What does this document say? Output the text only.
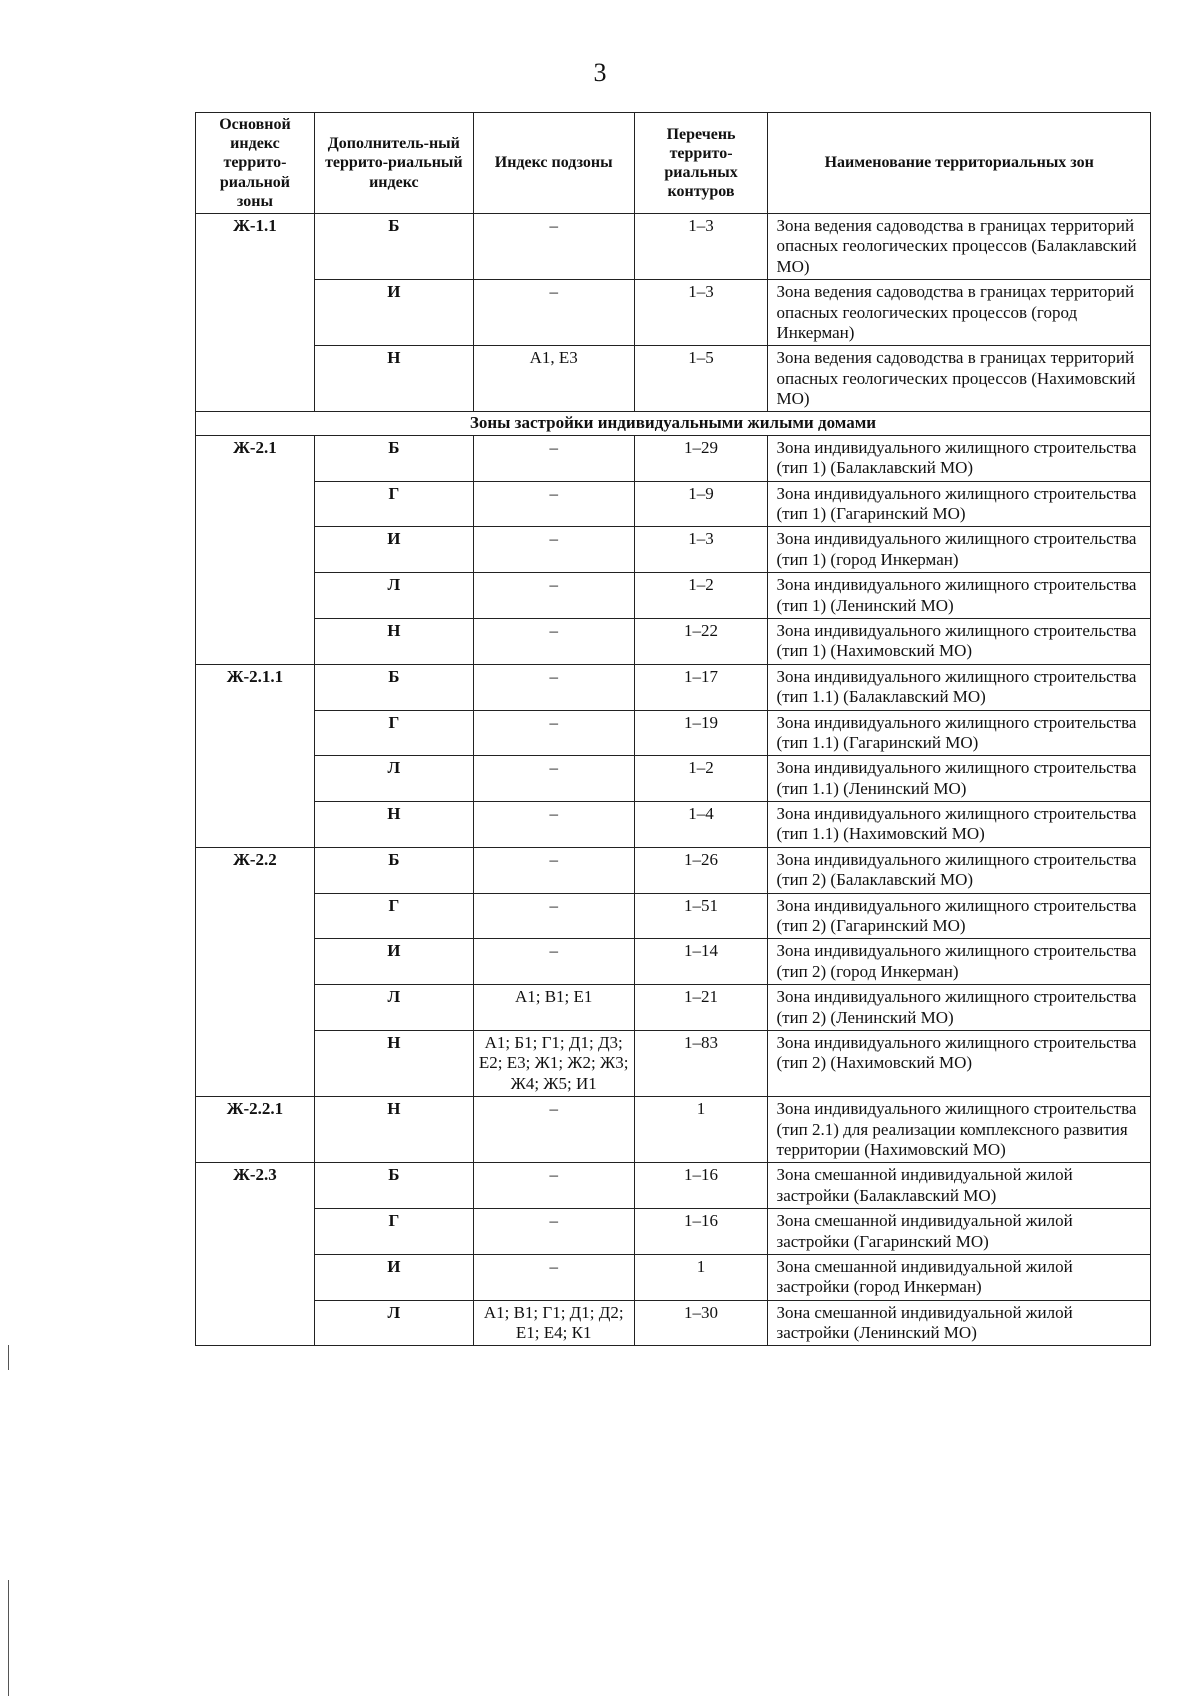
3
Основной индекс террито-риальной зоны	Дополнитель-ный террито-риальный индекс	Индекс подзоны	Перечень террито-риальных контуров	Наименование территориальных зон
Ж-1.1	Б	–	1–3	Зона ведения садоводства в границах территорий опасных геологических процессов (Балаклавский МО)
	И	–	1–3	Зона ведения садоводства в границах территорий опасных геологических процессов (город Инкерман)
	Н	А1, Е3	1–5	Зона ведения садоводства в границах территорий опасных геологических процессов (Нахимовский МО)
Зоны застройки индивидуальными жилыми домами				
Ж-2.1	Б	–	1–29	Зона индивидуального жилищного строительства (тип 1) (Балаклавский МО)
	Г	–	1–9	Зона индивидуального жилищного строительства (тип 1) (Гагаринский МО)
	И	–	1–3	Зона индивидуального жилищного строительства (тип 1) (город Инкерман)
	Л	–	1–2	Зона индивидуального жилищного строительства (тип 1) (Ленинский МО)
	Н	–	1–22	Зона индивидуального жилищного строительства (тип 1) (Нахимовский МО)
Ж-2.1.1	Б	–	1–17	Зона индивидуального жилищного строительства (тип 1.1) (Балаклавский МО)
	Г	–	1–19	Зона индивидуального жилищного строительства (тип 1.1) (Гагаринский МО)
	Л	–	1–2	Зона индивидуального жилищного строительства (тип 1.1) (Ленинский МО)
	Н	–	1–4	Зона индивидуального жилищного строительства (тип 1.1) (Нахимовский МО)
Ж-2.2	Б	–	1–26	Зона индивидуального жилищного строительства (тип 2) (Балаклавский МО)
	Г	–	1–51	Зона индивидуального жилищного строительства (тип 2) (Гагаринский МО)
	И	–	1–14	Зона индивидуального жилищного строительства (тип 2) (город Инкерман)
	Л	А1; В1; Е1	1–21	Зона индивидуального жилищного строительства (тип 2) (Ленинский МО)
	Н	А1; Б1; Г1; Д1; Д3; Е2; Е3; Ж1; Ж2; Ж3; Ж4; Ж5; И1	1–83	Зона индивидуального жилищного строительства (тип 2) (Нахимовский МО)
Ж-2.2.1	Н	–	1	Зона индивидуального жилищного строительства (тип 2.1) для реализации комплексного развития территории (Нахимовский МО)
Ж-2.3	Б	–	1–16	Зона смешанной индивидуальной жилой застройки (Балаклавский МО)
	Г	–	1–16	Зона смешанной индивидуальной жилой застройки (Гагаринский МО)
	И	–	1	Зона смешанной индивидуальной жилой застройки (город Инкерман)
	Л	А1; В1; Г1; Д1; Д2; Е1; Е4; К1	1–30	Зона смешанной индивидуальной жилой застройки (Ленинский МО)
